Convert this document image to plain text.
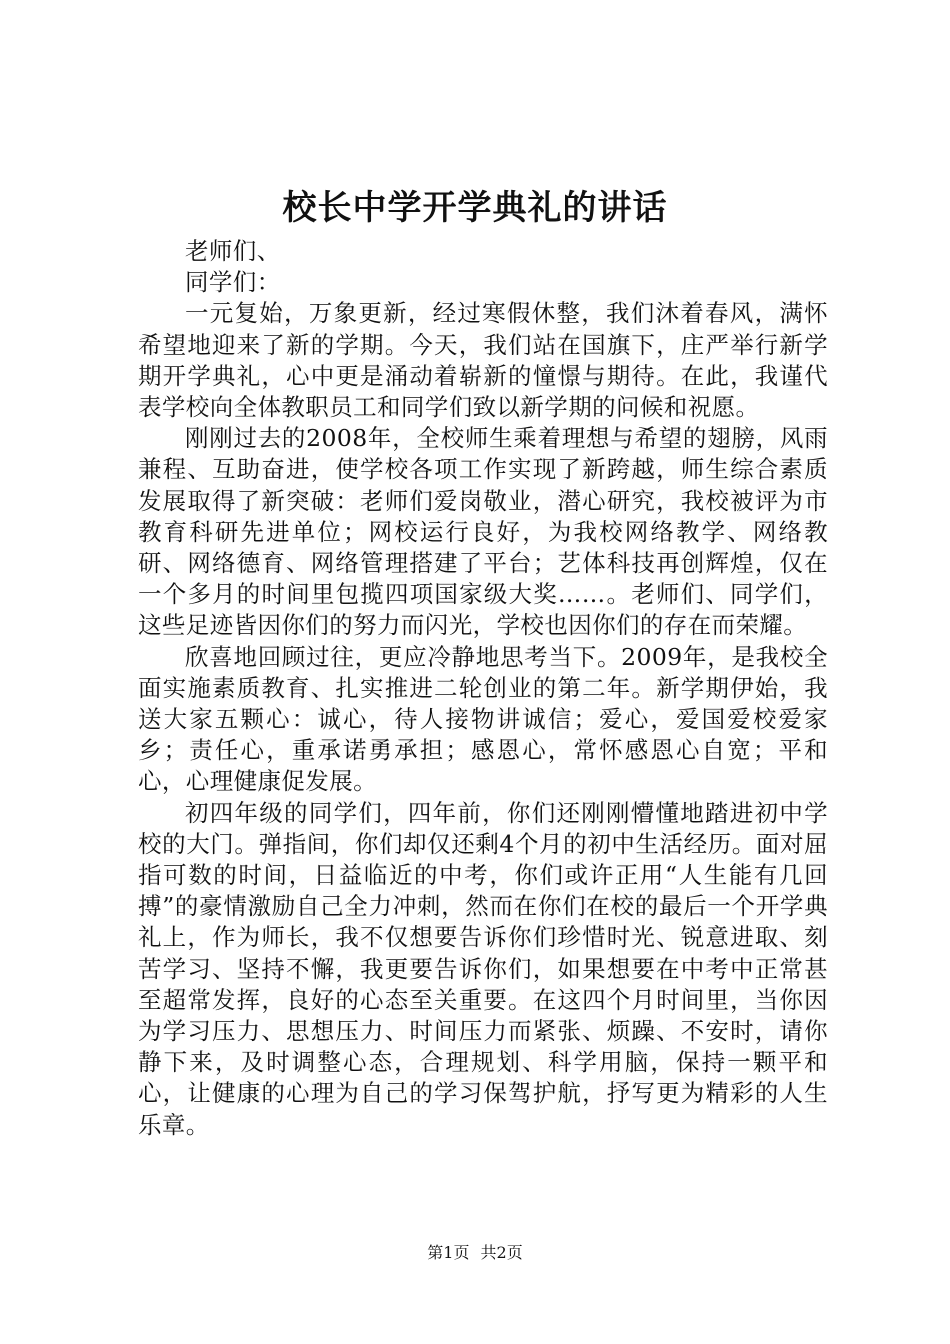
校长中学开学典礼的讲话

老师们、

同学们：

一元复始，万象更新，经过寒假休整，我们沐着春风，满怀希望地迎来了新的学期。今天，我们站在国旗下，庄严举行新学期开学典礼，心中更是涌动着崭新的憧憬与期待。在此，我谨代表学校向全体教职员工和同学们致以新学期的问候和祝愿。

刚刚过去的2008年，全校师生乘着理想与希望的翅膀，风雨兼程、互助奋进，使学校各项工作实现了新跨越，师生综合素质发展取得了新突破：老师们爱岗敬业，潜心研究，我校被评为市教育科研先进单位；网校运行良好，为我校网络教学、网络教研、网络德育、网络管理搭建了平台；艺体科技再创辉煌，仅在一个多月的时间里包揽四项国家级大奖……。老师们、同学们，这些足迹皆因你们的努力而闪光，学校也因你们的存在而荣耀。

欣喜地回顾过往，更应冷静地思考当下。2009年，是我校全面实施素质教育、扎实推进二轮创业的第二年。新学期伊始，我送大家五颗心：诚心，待人接物讲诚信；爱心，爱国爱校爱家乡；责任心，重承诺勇承担；感恩心，常怀感恩心自宽；平和心，心理健康促发展。

初四年级的同学们，四年前，你们还刚刚懵懂地踏进初中学校的大门。弹指间，你们却仅还剩4个月的初中生活经历。面对屈指可数的时间，日益临近的中考，你们或许正用“人生能有几回搏”的豪情激励自己全力冲刺，然而在你们在校的最后一个开学典礼上，作为师长，我不仅想要告诉你们珍惜时光、锐意进取、刻苦学习、坚持不懈，我更要告诉你们，如果想要在中考中正常甚至超常发挥，良好的心态至关重要。在这四个月时间里，当你因为学习压力、思想压力、时间压力而紧张、烦躁、不安时，请你静下来，及时调整心态，合理规划、科学用脑，保持一颗平和心，让健康的心理为自己的学习保驾护航，抒写更为精彩的人生乐章。

第1页 共2页
